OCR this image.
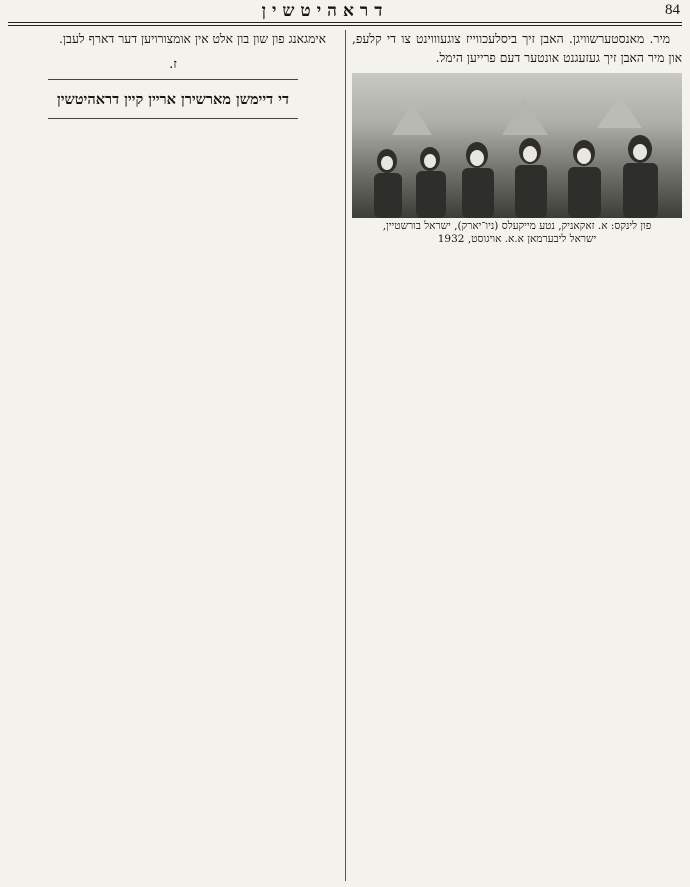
דראהיטשין	84

מיר. מאנסטערשוויגן. האבן זיך ביסלעכווייז צוגעוווינט צו די קלעפ, און מיר האבן זיך געזעגנט אונטער דעם פרייען הימל.

פון לינקס: א. זאקאניק, נטע מייקעלס (ניו־יארק), ישראל בורשטיין,
ישראל ליבערמאן א.א. אויגוסט, 1932

אימגאנג פון שון בון אלט אין אומצורויען דער דארף לעבן.

ז.
די דיימשן מארשירן אריין קיין דראהיטשין
